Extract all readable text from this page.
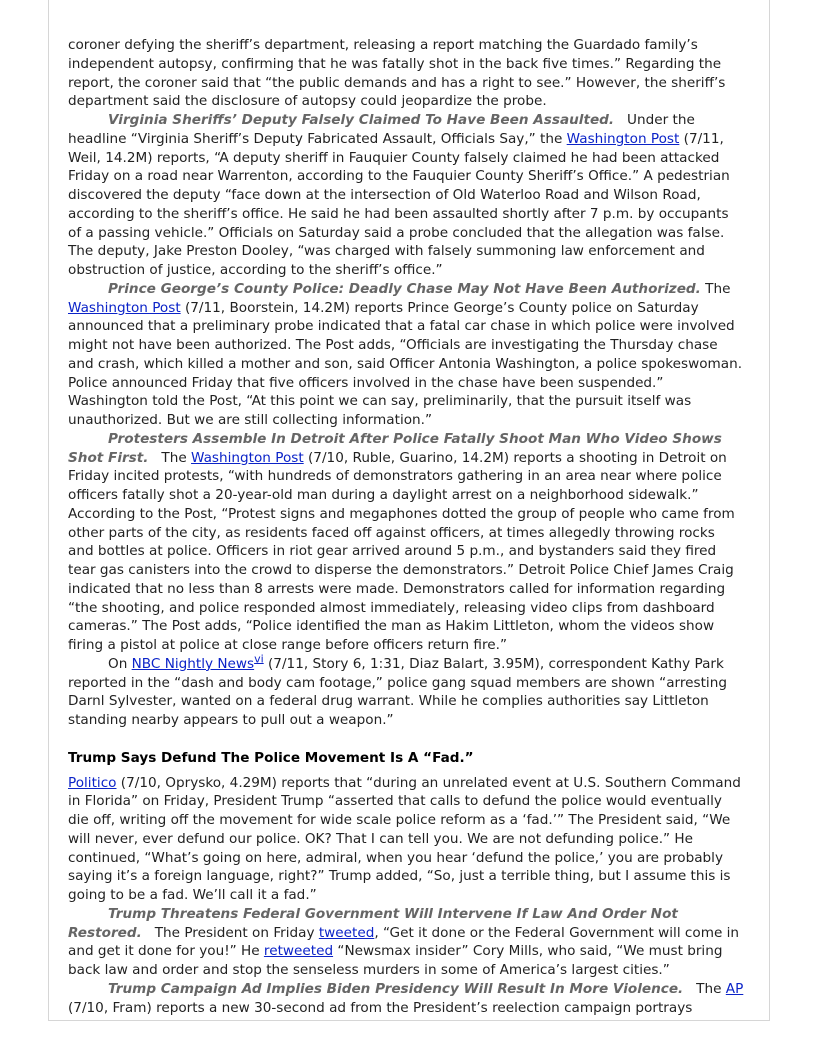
coroner defying the sheriff’s department, releasing a report matching the Guardado family’s independent autopsy, confirming that he was fatally shot in the back five times.” Regarding the report, the coroner said that “the public demands and has a right to see.” However, the sheriff’s department said the disclosure of autopsy could jeopardize the probe.

Virginia Sheriffs’ Deputy Falsely Claimed To Have Been Assaulted.   Under the headline “Virginia Sheriff’s Deputy Fabricated Assault, Officials Say,” the Washington Post (7/11, Weil, 14.2M) reports, “A deputy sheriff in Fauquier County falsely claimed he had been attacked Friday on a road near Warrenton, according to the Fauquier County Sheriff’s Office.” A pedestrian discovered the deputy “face down at the intersection of Old Waterloo Road and Wilson Road, according to the sheriff’s office. He said he had been assaulted shortly after 7 p.m. by occupants of a passing vehicle.” Officials on Saturday said a probe concluded that the allegation was false. The deputy, Jake Preston Dooley, “was charged with falsely summoning law enforcement and obstruction of justice, according to the sheriff’s office.”

Prince George’s County Police: Deadly Chase May Not Have Been Authorized. The Washington Post (7/11, Boorstein, 14.2M) reports Prince George’s County police on Saturday announced that a preliminary probe indicated that a fatal car chase in which police were involved might not have been authorized. The Post adds, “Officials are investigating the Thursday chase and crash, which killed a mother and son, said Officer Antonia Washington, a police spokeswoman. Police announced Friday that five officers involved in the chase have been suspended.” Washington told the Post, “At this point we can say, preliminarily, that the pursuit itself was unauthorized. But we are still collecting information.”

Protesters Assemble In Detroit After Police Fatally Shoot Man Who Video Shows Shot First.   The Washington Post (7/10, Ruble, Guarino, 14.2M) reports a shooting in Detroit on Friday incited protests, “with hundreds of demonstrators gathering in an area near where police officers fatally shot a 20-year-old man during a daylight arrest on a neighborhood sidewalk.” According to the Post, “Protest signs and megaphones dotted the group of people who came from other parts of the city, as residents faced off against officers, at times allegedly throwing rocks and bottles at police. Officers in riot gear arrived around 5 p.m., and bystanders said they fired tear gas canisters into the crowd to disperse the demonstrators.” Detroit Police Chief James Craig indicated that no less than 8 arrests were made. Demonstrators called for information regarding “the shooting, and police responded almost immediately, releasing video clips from dashboard cameras.” The Post adds, “Police identified the man as Hakim Littleton, whom the videos show firing a pistol at police at close range before officers return fire.”

On NBC Nightly News$^{vi}$ (7/11, Story 6, 1:31, Diaz Balart, 3.95M), correspondent Kathy Park reported in the “dash and body cam footage,” police gang squad members are shown “arresting Darnl Sylvester, wanted on a federal drug warrant. While he complies authorities say Littleton standing nearby appears to pull out a weapon.”

Trump Says Defund The Police Movement Is A “Fad.”

Politico (7/10, Oprysko, 4.29M) reports that “during an unrelated event at U.S. Southern Command in Florida” on Friday, President Trump “asserted that calls to defund the police would eventually die off, writing off the movement for wide scale police reform as a ‘fad.’” The President said, “We will never, ever defund our police. OK? That I can tell you. We are not defunding police.” He continued, “What’s going on here, admiral, when you hear ‘defund the police,’ you are probably saying it’s a foreign language, right?” Trump added, “So, just a terrible thing, but I assume this is going to be a fad. We’ll call it a fad.”

Trump Threatens Federal Government Will Intervene If Law And Order Not Restored.   The President on Friday tweeted, “Get it done or the Federal Government will come in and get it done for you!” He retweeted “Newsmax insider” Cory Mills, who said, “We must bring back law and order and stop the senseless murders in some of America’s largest cities.”

Trump Campaign Ad Implies Biden Presidency Will Result In More Violence.   The AP (7/10, Fram) reports a new 30-second ad from the President’s reelection campaign portrays
